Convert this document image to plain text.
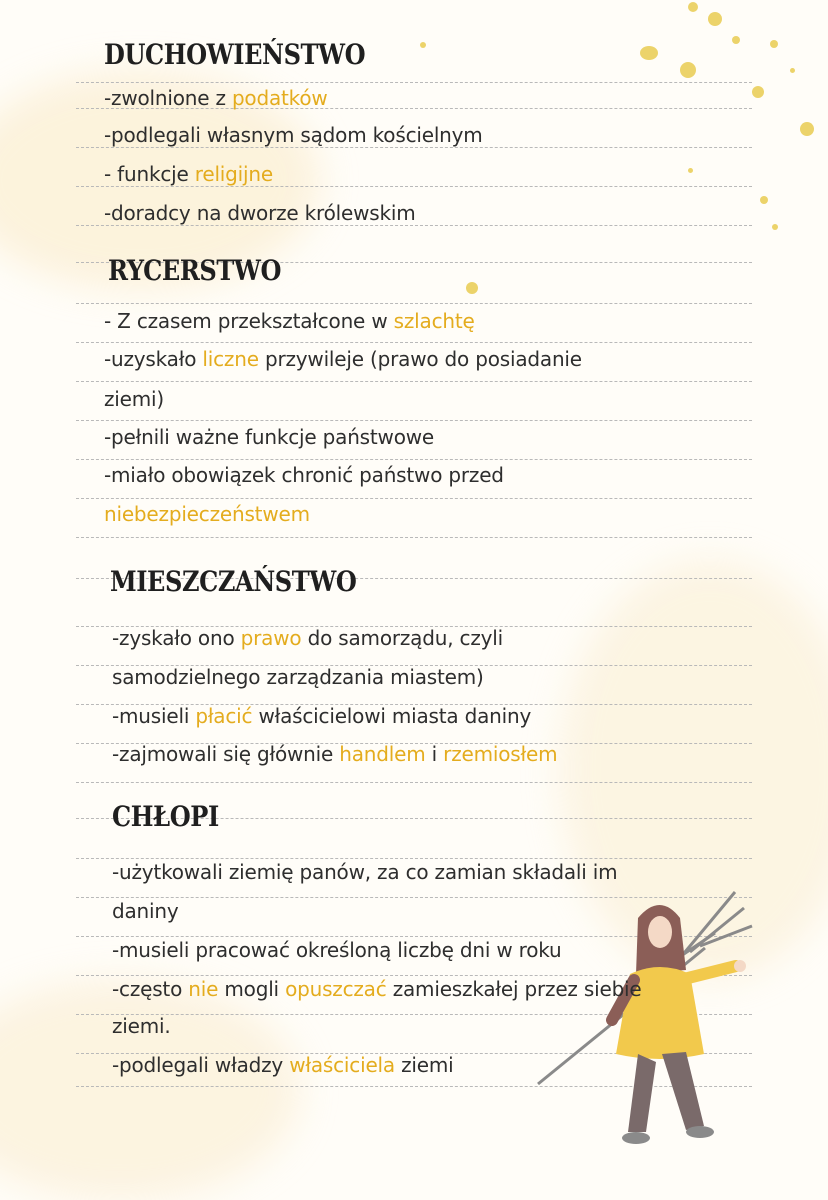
DUCHOWIEŃSTWO

-zwolnione z podatków

-podlegali własnym sądom kościelnym

- funkcje religijne

-doradcy na dworze królewskim

RYCERSTWO

- Z czasem przekształcone w szlachtę

-uzyskało liczne przywileje (prawo do posiadanie

ziemi)

-pełnili ważne funkcje państwowe

-miało obowiązek chronić państwo przed

niebezpieczeństwem

MIESZCZAŃSTWO

-zyskało ono prawo do samorządu, czyli

samodzielnego zarządzania miastem)

-musieli płacić właścicielowi miasta daniny

-zajmowali się głównie handlem i rzemiosłem

CHŁOPI

-użytkowali ziemię panów, za co zamian składali im

daniny

-musieli pracować określoną liczbę dni w roku

-często nie mogli opuszczać zamieszkałej przez siebie

ziemi.

-podlegali władzy właściciela ziemi
